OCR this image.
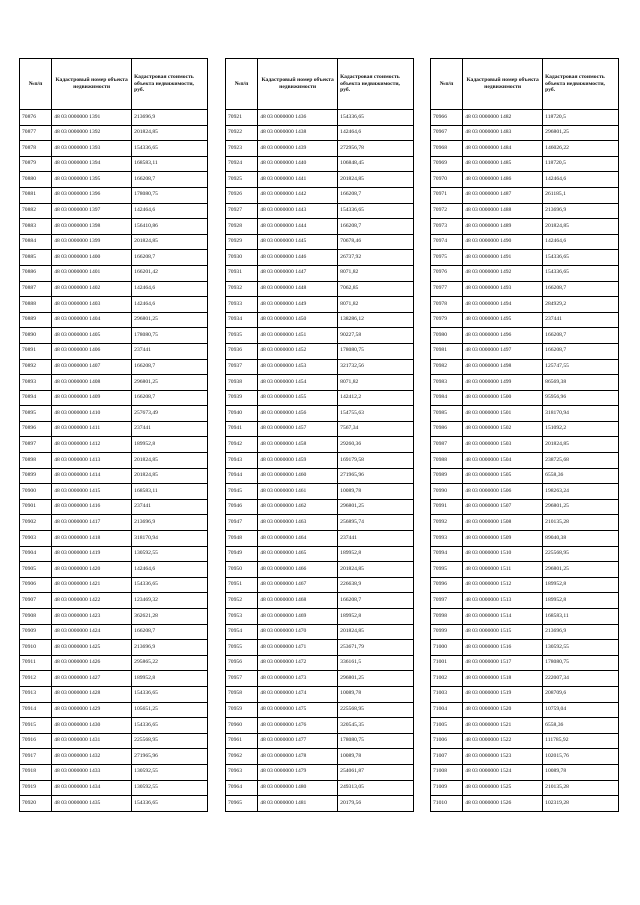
№п/п	Кадастровый номер объекта недвижимости	Кадастровая стоимость объекта недвижимости, руб.
70876	48 03 0000000 1391	213696,9
70877	48 03 0000000 1392	201824,85
70878	48 03 0000000 1393	154336,65
70879	48 03 0000000 1394	168583,11
70880	48 03 0000000 1395	166208,7
70881	48 03 0000000 1396	178080,75
70882	48 03 0000000 1397	142464,6
70883	48 03 0000000 1398	156410,86
70884	48 03 0000000 1399	201824,85
70885	48 03 0000000 1400	166208,7
70886	48 03 0000000 1401	166201,42
70887	48 03 0000000 1402	142464,6
70888	48 03 0000000 1403	142464,6
70889	48 03 0000000 1404	296801,25
70890	48 03 0000000 1405	178080,75
70891	48 03 0000000 1406	237441
70892	48 03 0000000 1407	166208,7
70893	48 03 0000000 1408	296801,25
70894	48 03 0000000 1409	166208,7
70895	48 03 0000000 1410	257673,49
70896	48 03 0000000 1411	237441
70897	48 03 0000000 1412	189952,8
70898	48 03 0000000 1413	201824,85
70899	48 03 0000000 1414	201824,85
70900	48 03 0000000 1415	168583,11
70901	48 03 0000000 1416	237441
70902	48 03 0000000 1417	213696,9
70903	48 03 0000000 1418	318170,94
70904	48 03 0000000 1419	130592,55
70905	48 03 0000000 1420	142464,6
70906	48 03 0000000 1421	154336,65
70907	48 03 0000000 1422	123469,32
70908	48 03 0000000 1423	362621,28
70909	48 03 0000000 1424	166208,7
70910	48 03 0000000 1425	213696,9
70911	48 03 0000000 1426	295865,22
70912	48 03 0000000 1427	189952,8
70913	48 03 0000000 1428	154336,65
70914	48 03 0000000 1429	105651,25
70915	48 03 0000000 1430	154336,65
70916	48 03 0000000 1431	225568,95
70917	48 03 0000000 1432	271965,96
70918	48 03 0000000 1433	130592,55
70919	48 03 0000000 1434	130592,55
70920	48 03 0000000 1435	154336,65
№п/п	Кадастровый номер объекта недвижимости	Кадастровая стоимость объекта недвижимости, руб.
70921	48 03 0000000 1436	154336,65
70922	48 03 0000000 1438	142464,6
70923	48 03 0000000 1439	272956,78
70924	48 03 0000000 1440	106848,45
70925	48 03 0000000 1441	201824,85
70926	48 03 0000000 1442	166208,7
70927	48 03 0000000 1443	154336,65
70928	48 03 0000000 1444	166208,7
70929	48 03 0000000 1445	70678,46
70930	48 03 0000000 1446	26737,92
70931	48 03 0000000 1447	8071,82
70932	48 03 0000000 1448	7062,85
70933	48 03 0000000 1449	8071,82
70934	48 03 0000000 1450	138286,12
70935	48 03 0000000 1451	90227,58
70936	48 03 0000000 1452	178080,75
70937	48 03 0000000 1453	321732,56
70938	48 03 0000000 1454	8071,82
70939	48 03 0000000 1455	142412,2
70940	48 03 0000000 1456	154755,63
70941	48 03 0000000 1457	7567,34
70942	48 03 0000000 1458	29260,36
70943	48 03 0000000 1459	169179,58
70944	48 03 0000000 1460	271965,96
70945	48 03 0000000 1461	10089,78
70946	48 03 0000000 1462	296801,25
70947	48 03 0000000 1463	256895,74
70948	48 03 0000000 1464	237441
70949	48 03 0000000 1465	189952,8
70950	48 03 0000000 1466	201824,85
70951	48 03 0000000 1467	226638,9
70952	48 03 0000000 1468	166208,7
70953	48 03 0000000 1469	189952,8
70954	48 03 0000000 1470	201824,85
70955	48 03 0000000 1471	253671,79
70956	48 03 0000000 1472	336161,5
70957	48 03 0000000 1473	296801,25
70958	48 03 0000000 1474	10089,78
70959	48 03 0000000 1475	225568,95
70960	48 03 0000000 1476	320545,35
70961	48 03 0000000 1477	178080,75
70962	48 03 0000000 1478	10089,78
70963	48 03 0000000 1479	254061,87
70964	48 03 0000000 1480	249313,05
70965	48 03 0000000 1481	20179,56
№п/п	Кадастровый номер объекта недвижимости	Кадастровая стоимость объекта недвижимости, руб.
70966	48 03 0000000 1482	118720,5
70967	48 03 0000000 1483	296801,25
70968	48 03 0000000 1484	146026,22
70969	48 03 0000000 1485	118720,5
70970	48 03 0000000 1486	142464,6
70971	48 03 0000000 1487	261185,1
70972	48 03 0000000 1488	213696,9
70973	48 03 0000000 1489	201824,85
70974	48 03 0000000 1490	142464,6
70975	48 03 0000000 1491	154336,65
70976	48 03 0000000 1492	154336,65
70977	48 03 0000000 1493	166208,7
70978	48 03 0000000 1494	284929,2
70979	48 03 0000000 1495	237441
70980	48 03 0000000 1496	166208,7
70981	48 03 0000000 1497	166208,7
70982	48 03 0000000 1498	125747,55
70983	48 03 0000000 1499	86569,38
70984	48 03 0000000 1500	95956,96
70985	48 03 0000000 1501	318170,94
70986	48 03 0000000 1502	151092,2
70987	48 03 0000000 1503	201824,85
70988	48 03 0000000 1504	238725,68
70989	48 03 0000000 1505	6558,36
70990	48 03 0000000 1506	198263,24
70991	48 03 0000000 1507	296801,25
70992	48 03 0000000 1508	210135,28
70993	48 03 0000000 1509	89040,38
70994	48 03 0000000 1510	225568,95
70995	48 03 0000000 1511	296801,25
70996	48 03 0000000 1512	189952,8
70997	48 03 0000000 1513	189952,8
70998	48 03 0000000 1514	168583,11
70999	48 03 0000000 1515	213696,9
71000	48 03 0000000 1516	130592,55
71001	48 03 0000000 1517	178080,75
71002	48 03 0000000 1518	222007,34
71003	48 03 0000000 1519	208709,6
71004	48 03 0000000 1520	10759,04
71005	48 03 0000000 1521	6558,36
71006	48 03 0000000 1522	111785,92
71007	48 03 0000000 1523	102015,76
71008	48 03 0000000 1524	10089,78
71009	48 03 0000000 1525	210135,28
71010	48 03 0000000 1526	102319,28
